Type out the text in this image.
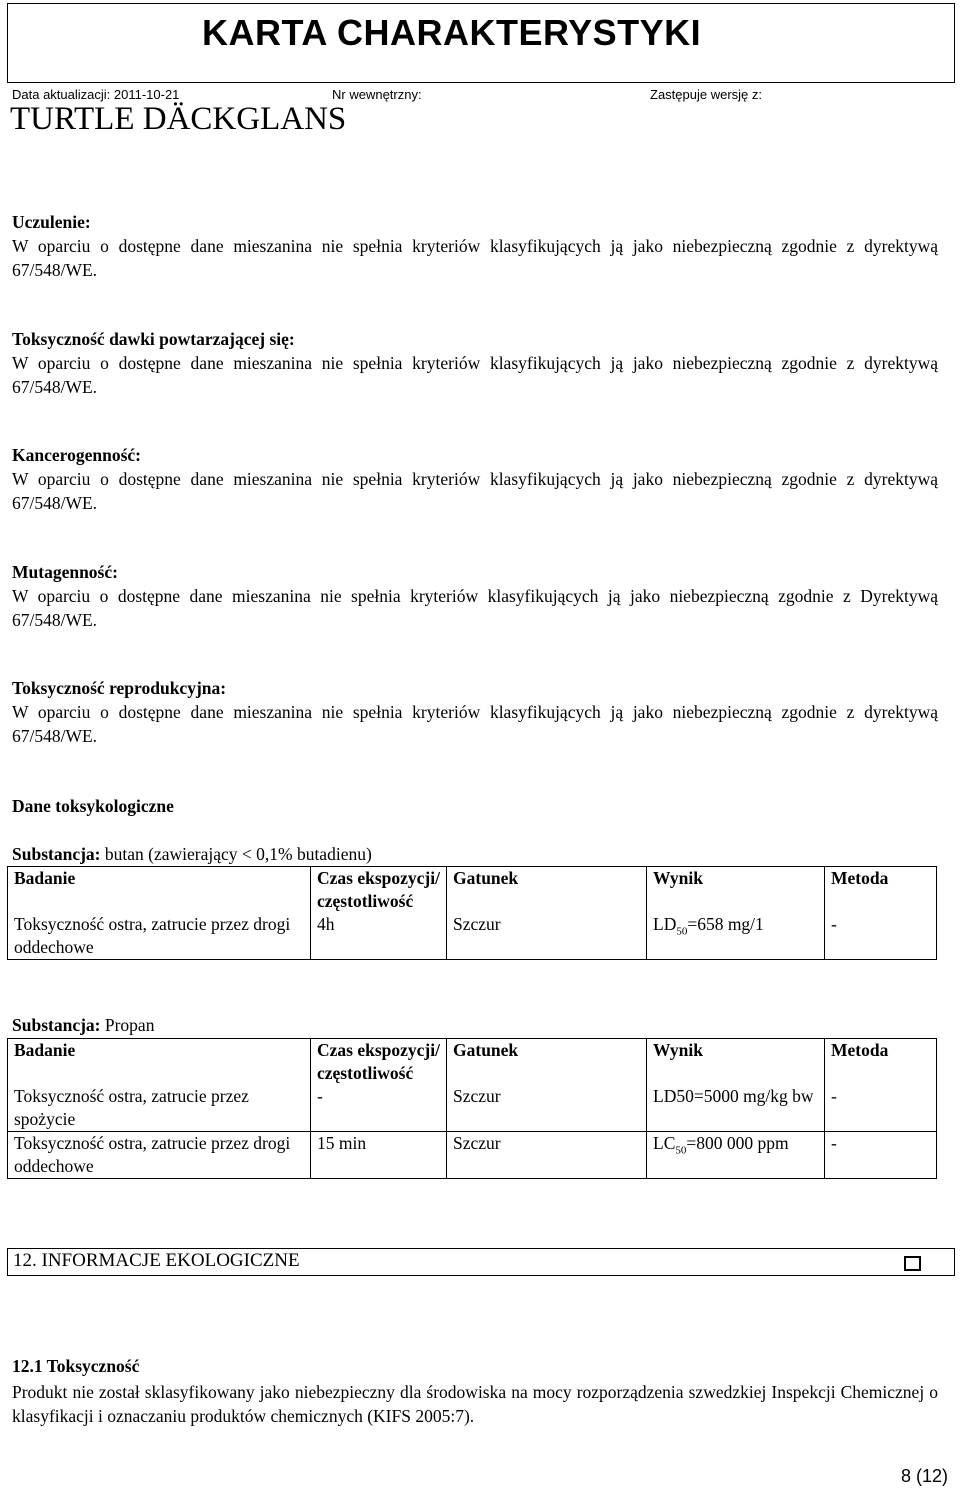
KARTA CHARAKTERYSTYKI
Data aktualizacji: 2011-10-21	Nr wewnętrzny:	Zastępuje wersję z:
TURTLE DÄCKGLANS
Uczulenie:

W oparciu o dostępne dane mieszanina nie spełnia kryteriów klasyfikujących ją jako niebezpieczną zgodnie z dyrektywą 67/548/WE.

Toksyczność dawki powtarzającej się:

W oparciu o dostępne dane mieszanina nie spełnia kryteriów klasyfikujących ją jako niebezpieczną zgodnie z dyrektywą 67/548/WE.

Kancerogenność:

W oparciu o dostępne dane mieszanina nie spełnia kryteriów klasyfikujących ją jako niebezpieczną zgodnie z dyrektywą 67/548/WE.

Mutagenność:

W oparciu o dostępne dane mieszanina nie spełnia kryteriów klasyfikujących ją jako niebezpieczną zgodnie z Dyrektywą 67/548/WE.

Toksyczność reprodukcyjna:

W oparciu o dostępne dane mieszanina nie spełnia kryteriów klasyfikujących ją jako niebezpieczną zgodnie z dyrektywą 67/548/WE.

Dane toksykologiczne
Substancja: butan (zawierający < 0,1% butadienu)
Badanie	Czas ekspozycji/ częstotliwość	Gatunek	Wynik	Metoda
Toksyczność ostra, zatrucie przez drogi oddechowe	4h	Szczur	$LD_{50}=658$ mg/1	-
Substancja: Propan
Badanie	Czas ekspozycji/ częstotliwość	Gatunek	Wynik	Metoda
Toksyczność ostra, zatrucie przez spożycie	-	Szczur	LD50=5000 mg/kg bw	-
Toksyczność ostra, zatrucie przez drogi oddechowe	15 min	Szczur	$LC_{50}=800$ 000 ppm	-
12. INFORMACJE EKOLOGICZNE
12.1 Toksyczność

Produkt nie został sklasyfikowany jako niebezpieczny dla środowiska na mocy rozporządzenia szwedzkiej Inspekcji Chemicznej o klasyfikacji i oznaczaniu produktów chemicznych (KIFS 2005:7).

8 (12)
